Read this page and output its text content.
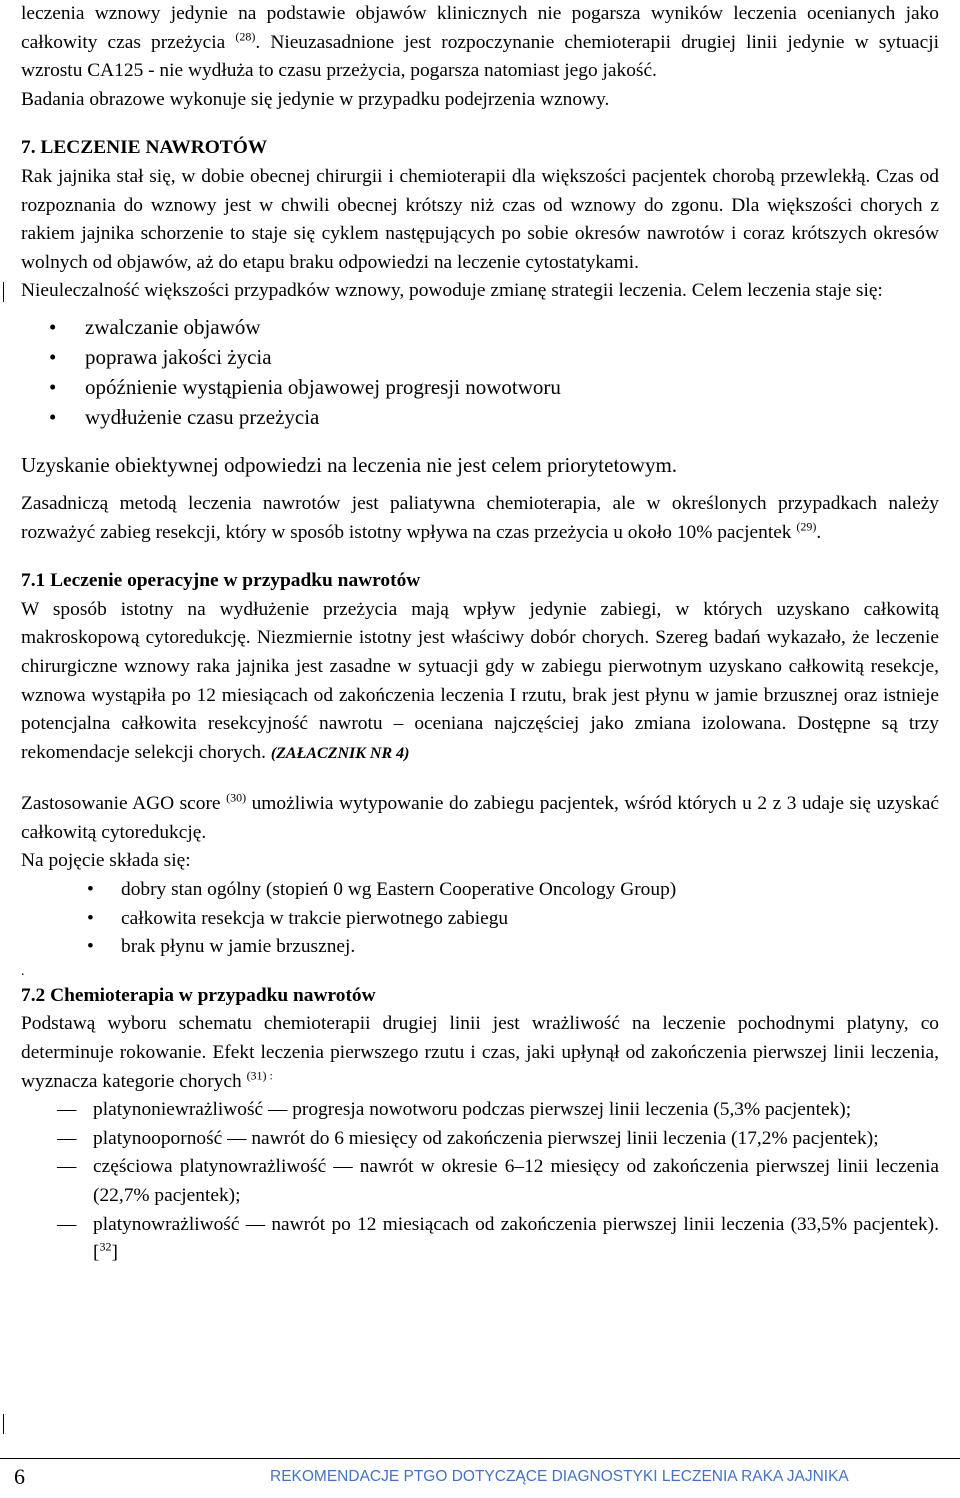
leczenia wznowy jedynie na podstawie objawów klinicznych nie pogarsza wyników leczenia ocenianych jako całkowity czas przeżycia $^{(28)}$. Nieuzasadnione jest rozpoczynanie chemioterapii drugiej linii jedynie w sytuacji wzrostu CA125 - nie wydłuża to czasu przeżycia, pogarsza natomiast jego jakość.

Badania obrazowe wykonuje się jedynie w przypadku podejrzenia wznowy.

7. LECZENIE NAWROTÓW

Rak jajnika stał się, w dobie obecnej chirurgii i chemioterapii dla większości pacjentek chorobą przewlekłą. Czas od rozpoznania do wznowy jest w chwili obecnej krótszy niż czas od wznowy do zgonu. Dla większości chorych z rakiem jajnika schorzenie to staje się cyklem następujących po sobie okresów nawrotów i coraz krótszych okresów wolnych od objawów, aż do etapu braku odpowiedzi na leczenie cytostatykami.

Nieuleczalność większości przypadków wznowy, powoduje zmianę strategii leczenia. Celem leczenia staje się:

• zwalczanie objawów
• poprawa jakości życia
• opóźnienie wystąpienia objawowej progresji nowotworu
• wydłużenie czasu przeżycia

Uzyskanie obiektywnej odpowiedzi na leczenia nie jest celem priorytetowym.

Zasadniczą metodą leczenia nawrotów jest paliatywna chemioterapia, ale w określonych przypadkach należy rozważyć zabieg resekcji, który w sposób istotny wpływa na czas przeżycia u około 10% pacjentek $^{(29)}$.

7.1 Leczenie operacyjne w przypadku nawrotów

W sposób istotny na wydłużenie przeżycia mają wpływ jedynie zabiegi, w których uzyskano całkowitą makroskopową cytoredukcję. Niezmiernie istotny jest właściwy dobór chorych. Szereg badań wykazało, że leczenie chirurgiczne wznowy raka jajnika jest zasadne w sytuacji gdy w zabiegu pierwotnym uzyskano całkowitą resekcje, wznowa wystąpiła po 12 miesiącach od zakończenia leczenia I rzutu, brak jest płynu w jamie brzusznej oraz istnieje potencjalna całkowita resekcyjność nawrotu – oceniana najczęściej jako zmiana izolowana. Dostępne są trzy rekomendacje selekcji chorych. (ZAŁACZNIK NR 4)

Zastosowanie AGO score $^{(30)}$ umożliwia wytypowanie do zabiegu pacjentek, wśród których u 2 z 3 udaje się uzyskać całkowitą cytoredukcję.

Na pojęcie składa się:

• dobry stan ogólny (stopień 0 wg Eastern Cooperative Oncology Group)
• całkowita resekcja w trakcie pierwotnego zabiegu
• brak płynu w jamie brzusznej.

.

7.2 Chemioterapia w przypadku nawrotów

Podstawą wyboru schematu chemioterapii drugiej linii jest wrażliwość na leczenie pochodnymi platyny, co determinuje rokowanie. Efekt leczenia pierwszego rzutu i czas, jaki upłynął od zakończenia pierwszej linii leczenia, wyznacza kategorie chorych $^{(31) :}$

— platynoniewrażliwość — progresja nowotworu podczas pierwszej linii leczenia (5,3% pacjentek);
— platynooporność — nawrót do 6 miesięcy od zakończenia pierwszej linii leczenia (17,2% pacjentek);
— częściowa platynowrażliwość — nawrót w okresie 6–12 miesięcy od zakończenia pierwszej linii leczenia (22,7% pacjentek);
— platynowrażliwość — nawrót po 12 miesiącach od zakończenia pierwszej linii leczenia (33,5% pacjentek). [$^{32}$]
6	REKOMENDACJE PTGO DOTYCZĄCE DIAGNOSTYKI LECZENIA RAKA JAJNIKA
